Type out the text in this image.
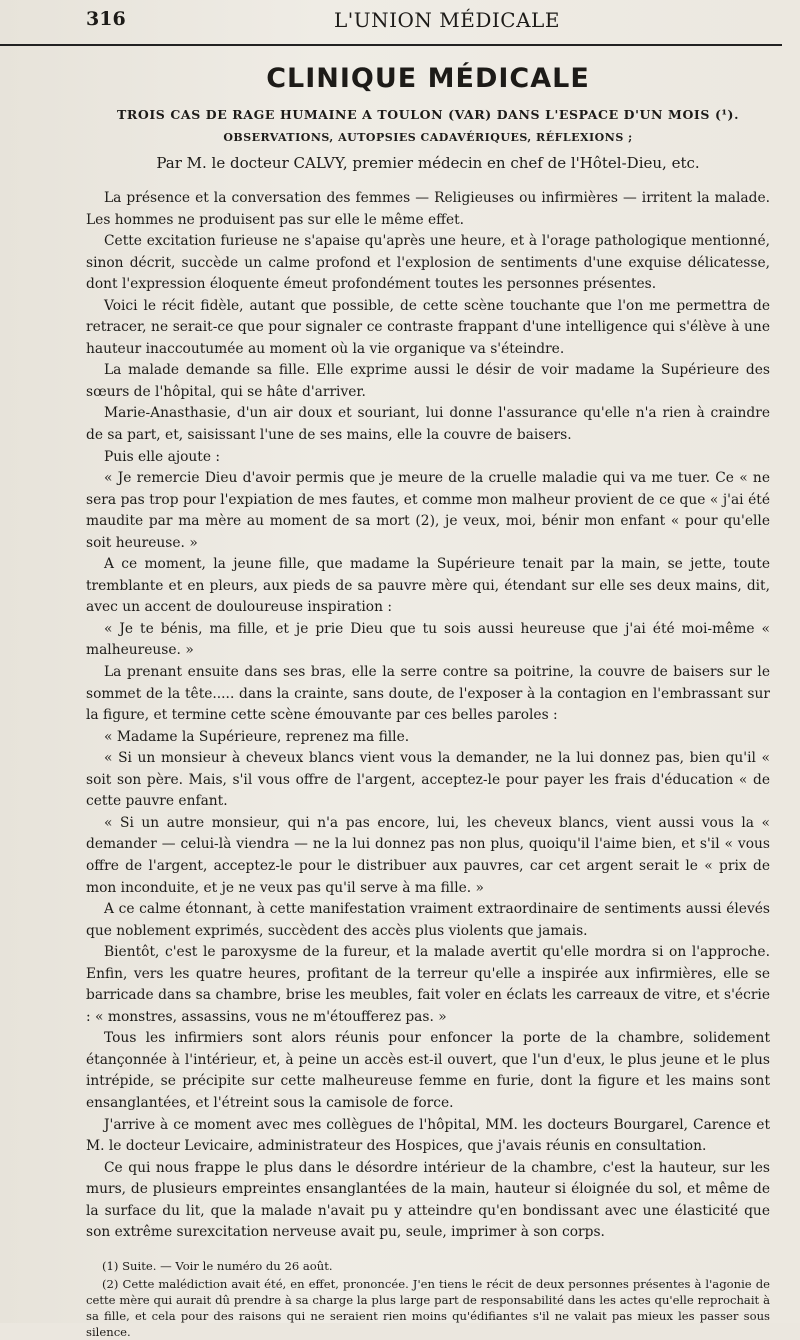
316	L'UNION MÉDICALE
CLINIQUE MÉDICALE
TROIS CAS DE RAGE HUMAINE A TOULON (VAR) DANS L'ESPACE D'UN MOIS (¹).
OBSERVATIONS, AUTOPSIES CADAVÉRIQUES, RÉFLEXIONS ;
Par M. le docteur CALVY, premier médecin en chef de l'Hôtel-Dieu, etc.

La présence et la conversation des femmes — Religieuses ou infirmières — irritent la malade. Les hommes ne produisent pas sur elle le même effet.

Cette excitation furieuse ne s'apaise qu'après une heure, et à l'orage pathologique mentionné, sinon décrit, succède un calme profond et l'explosion de sentiments d'une exquise délicatesse, dont l'expression éloquente émeut profondément toutes les personnes présentes.

Voici le récit fidèle, autant que possible, de cette scène touchante que l'on me permettra de retracer, ne serait-ce que pour signaler ce contraste frappant d'une intelligence qui s'élève à une hauteur inaccoutumée au moment où la vie organique va s'éteindre.

La malade demande sa fille. Elle exprime aussi le désir de voir madame la Supérieure des sœurs de l'hôpital, qui se hâte d'arriver.

Marie-Anasthasie, d'un air doux et souriant, lui donne l'assurance qu'elle n'a rien à craindre de sa part, et, saisissant l'une de ses mains, elle la couvre de baisers.

Puis elle ajoute :

« Je remercie Dieu d'avoir permis que je meure de la cruelle maladie qui va me tuer. Ce « ne sera pas trop pour l'expiation de mes fautes, et comme mon malheur provient de ce que « j'ai été maudite par ma mère au moment de sa mort (2), je veux, moi, bénir mon enfant « pour qu'elle soit heureuse. »

A ce moment, la jeune fille, que madame la Supérieure tenait par la main, se jette, toute tremblante et en pleurs, aux pieds de sa pauvre mère qui, étendant sur elle ses deux mains, dit, avec un accent de douloureuse inspiration :

« Je te bénis, ma fille, et je prie Dieu que tu sois aussi heureuse que j'ai été moi-même « malheureuse. »

La prenant ensuite dans ses bras, elle la serre contre sa poitrine, la couvre de baisers sur le sommet de la tête..... dans la crainte, sans doute, de l'exposer à la contagion en l'embrassant sur la figure, et termine cette scène émouvante par ces belles paroles :

« Madame la Supérieure, reprenez ma fille.

« Si un monsieur à cheveux blancs vient vous la demander, ne la lui donnez pas, bien qu'il « soit son père. Mais, s'il vous offre de l'argent, acceptez-le pour payer les frais d'éducation « de cette pauvre enfant.

« Si un autre monsieur, qui n'a pas encore, lui, les cheveux blancs, vient aussi vous la « demander — celui-là viendra — ne la lui donnez pas non plus, quoiqu'il l'aime bien, et s'il « vous offre de l'argent, acceptez-le pour le distribuer aux pauvres, car cet argent serait le « prix de mon inconduite, et je ne veux pas qu'il serve à ma fille. »

A ce calme étonnant, à cette manifestation vraiment extraordinaire de sentiments aussi élevés que noblement exprimés, succèdent des accès plus violents que jamais.

Bientôt, c'est le paroxysme de la fureur, et la malade avertit qu'elle mordra si on l'approche. Enfin, vers les quatre heures, profitant de la terreur qu'elle a inspirée aux infirmières, elle se barricade dans sa chambre, brise les meubles, fait voler en éclats les carreaux de vitre, et s'écrie : « monstres, assassins, vous ne m'étoufferez pas. »

Tous les infirmiers sont alors réunis pour enfoncer la porte de la chambre, solidement étançonnée à l'intérieur, et, à peine un accès est-il ouvert, que l'un d'eux, le plus jeune et le plus intrépide, se précipite sur cette malheureuse femme en furie, dont la figure et les mains sont ensanglantées, et l'étreint sous la camisole de force.

J'arrive à ce moment avec mes collègues de l'hôpital, MM. les docteurs Bourgarel, Carence et M. le docteur Levicaire, administrateur des Hospices, que j'avais réunis en consultation.

Ce qui nous frappe le plus dans le désordre intérieur de la chambre, c'est la hauteur, sur les murs, de plusieurs empreintes ensanglantées de la main, hauteur si éloignée du sol, et même de la surface du lit, que la malade n'avait pu y atteindre qu'en bondissant avec une élasticité que son extrême surexcitation nerveuse avait pu, seule, imprimer à son corps.

(1) Suite. — Voir le numéro du 26 août.

(2) Cette malédiction avait été, en effet, prononcée. J'en tiens le récit de deux personnes présentes à l'agonie de cette mère qui aurait dû prendre à sa charge la plus large part de responsabilité dans les actes qu'elle reprochait à sa fille, et cela pour des raisons qui ne seraient rien moins qu'édifiantes s'il ne valait pas mieux les passer sous silence.
